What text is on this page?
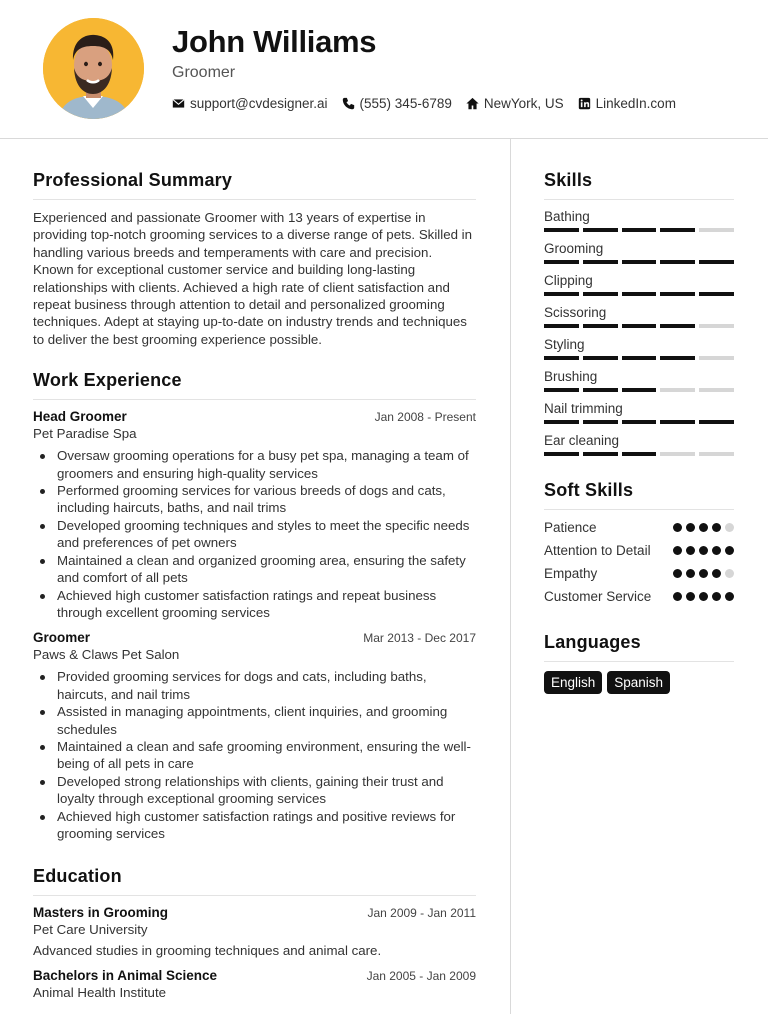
John Williams
Groomer
support@cvdesigner.ai (555) 345-6789 NewYork, US LinkedIn.com
Professional Summary
Experienced and passionate Groomer with 13 years of expertise in providing top-notch grooming services to a diverse range of pets. Skilled in handling various breeds and temperaments with care and precision. Known for exceptional customer service and building long-lasting relationships with clients. Achieved a high rate of client satisfaction and repeat business through attention to detail and personalized grooming techniques. Adept at staying up-to-date on industry trends and techniques to deliver the best grooming experience possible.
Work Experience
Head Groomer	Jan 2008 - Present
Pet Paradise Spa
Oversaw grooming operations for a busy pet spa, managing a team of groomers and ensuring high-quality services
Performed grooming services for various breeds of dogs and cats, including haircuts, baths, and nail trims
Developed grooming techniques and styles to meet the specific needs and preferences of pet owners
Maintained a clean and organized grooming area, ensuring the safety and comfort of all pets
Achieved high customer satisfaction ratings and repeat business through excellent grooming services
Groomer	Mar 2013 - Dec 2017
Paws & Claws Pet Salon
Provided grooming services for dogs and cats, including baths, haircuts, and nail trims
Assisted in managing appointments, client inquiries, and grooming schedules
Maintained a clean and safe grooming environment, ensuring the well-being of all pets in care
Developed strong relationships with clients, gaining their trust and loyalty through exceptional grooming services
Achieved high customer satisfaction ratings and positive reviews for grooming services
Education
Masters in Grooming	Jan 2009 - Jan 2011
Pet Care University
Advanced studies in grooming techniques and animal care.
Bachelors in Animal Science	Jan 2005 - Jan 2009
Animal Health Institute
Skills
Bathing
Grooming
Clipping
Scissoring
Styling
Brushing
Nail trimming
Ear cleaning
Soft Skills
Patience
Attention to Detail
Empathy
Customer Service
Languages
English	Spanish
